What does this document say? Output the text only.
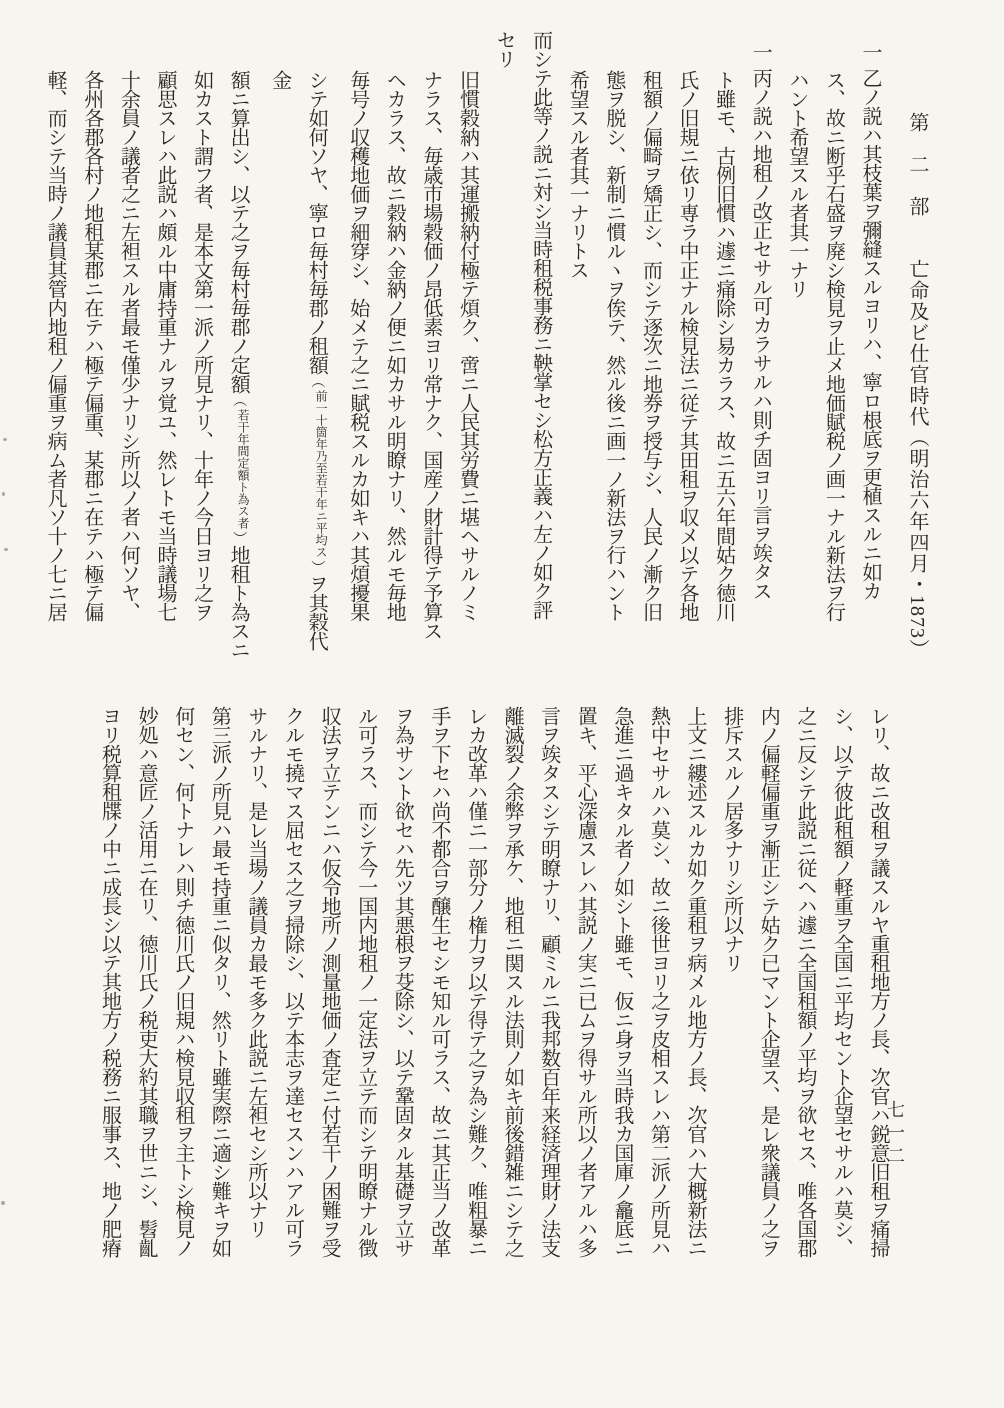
第　二　部　　亡命及ビ仕官時代（明治六年四月・1873）
一乙ノ説ハ其枝葉ヲ彌縫スルヨリハ、寧ロ根底ヲ更植スルニ如カ
ス、故ニ断乎石盛ヲ廃シ検見ヲ止メ地価賦税ノ画一ナル新法ヲ行
ハント希望スル者其一ナリ
一丙ノ説ハ地租ノ改正セサル可カラサルハ則チ固ヨリ言ヲ竢タス
ト雖モ、古例旧慣ハ遽ニ痛除シ易カラス、故ニ五六年間姑ク徳川
氏ノ旧規ニ依リ専ラ中正ナル検見法ニ従テ其田租ヲ収メ以テ各地
租額ノ偏畸ヲ矯正シ、而シテ逐次ニ地券ヲ授与シ、人民ノ漸ク旧
態ヲ脱シ、新制ニ慣ルヽヲ俟テ、然ル後ニ画一ノ新法ヲ行ハント
希望スル者其一ナリトス
而シテ此等ノ説ニ対シ当時租税事務ニ鞅掌セシ松方正義ハ左ノ如ク評
セリ
旧慣穀納ハ其運搬納付極テ煩ク、啻ニ人民其労費ニ堪ヘサルノミ
ナラス、毎歳市場穀価ノ昂低素ヨリ常ナク、国産ノ財計得テ予算ス
ヘカラス、故ニ穀納ハ金納ノ便ニ如カサル明瞭ナリ、然ルモ毎地
毎号ノ収穫地価ヲ細穿シ、始メテ之ニ賦税スルカ如キハ其煩擾果
シテ如何ソヤ、寧ロ毎村毎郡ノ租額（前一十箇年乃至若干年ニ平均ス）ヲ其穀代金
額ニ算出シ、以テ之ヲ毎村毎郡ノ定額（若干年間定額ト為ス者）地租ト為スニ
如カスト謂フ者、是本文第一派ノ所見ナリ、十年ノ今日ヨリ之ヲ
顧思スレハ此説ハ頗ル中庸持重ナルヲ覚ユ、然レトモ当時議場七
十余員ノ議者之ニ左袒スル者最モ僅少ナリシ所以ノ者ハ何ソヤ、
各州各郡各村ノ地租某郡ニ在テハ極テ偏重、某郡ニ在テハ極テ偏
軽、而シテ当時ノ議員其管内地租ノ偏重ヲ病ム者凡ソ十ノ七ニ居
レリ、故ニ改租ヲ議スルヤ重租地方ノ長、次官ハ鋭意旧租ヲ痛掃
シ、以テ彼此租額ノ軽重ヲ全国ニ平均セント企望セサルハ莫シ、
之ニ反シテ此説ニ従ヘハ遽ニ全国租額ノ平均ヲ欲セス、唯各国郡
内ノ偏軽偏重ヲ漸正シテ姑ク已マント企望ス、是レ衆議員ノ之ヲ
排斥スルノ居多ナリシ所以ナリ
上文ニ縷述スルカ如ク重租ヲ病メル地方ノ長、次官ハ大概新法ニ
熱中セサルハ莫シ、故ニ後世ヨリ之ヲ皮相スレハ第二派ノ所見ハ
急進ニ過キタル者ノ如シト雖モ、仮ニ身ヲ当時我カ国庫ノ龕底ニ
置キ、平心深慮スレハ其説ノ実ニ已ムヲ得サル所以ノ者アルハ多
言ヲ竢タスシテ明瞭ナリ、顧ミルニ我邦数百年来経済理財ノ法支
離滅裂ノ余弊ヲ承ケ、地租ニ関スル法則ノ如キ前後錯雑ニシテ之
レカ改革ハ僅ニ一部分ノ権力ヲ以テ得テ之ヲ為シ難ク、唯粗暴ニ
手ヲ下セハ尚不都合ヲ醸生セシモ知ル可ラス、故ニ其正当ノ改革
ヲ為サント欲セハ先ツ其悪根ヲ芟除シ、以テ鞏固タル基礎ヲ立サ
ル可ラス、而シテ今一国内地租ノ一定法ヲ立テ而シテ明瞭ナル徴
収法ヲ立テンニハ仮令地所ノ測量地価ノ査定ニ付若干ノ困難ヲ受
クルモ撓マス屈セス之ヲ掃除シ、以テ本志ヲ達セスンハアル可ラ
サルナリ、是レ当場ノ議員カ最モ多ク此説ニ左袒セシ所以ナリ
第三派ノ所見ハ最モ持重ニ似タリ、然リト雖実際ニ適シ難キヲ如
何セン、何トナレハ則チ徳川氏ノ旧規ハ検見収租ヲ主トシ検見ノ
妙処ハ意匠ノ活用ニ在リ、徳川氏ノ税吏大約其職ヲ世ニシ、髫齓
ヨリ税算租牒ノ中ニ成長シ以テ其地方ノ税務ニ服事ス、地ノ肥瘠	七一二
